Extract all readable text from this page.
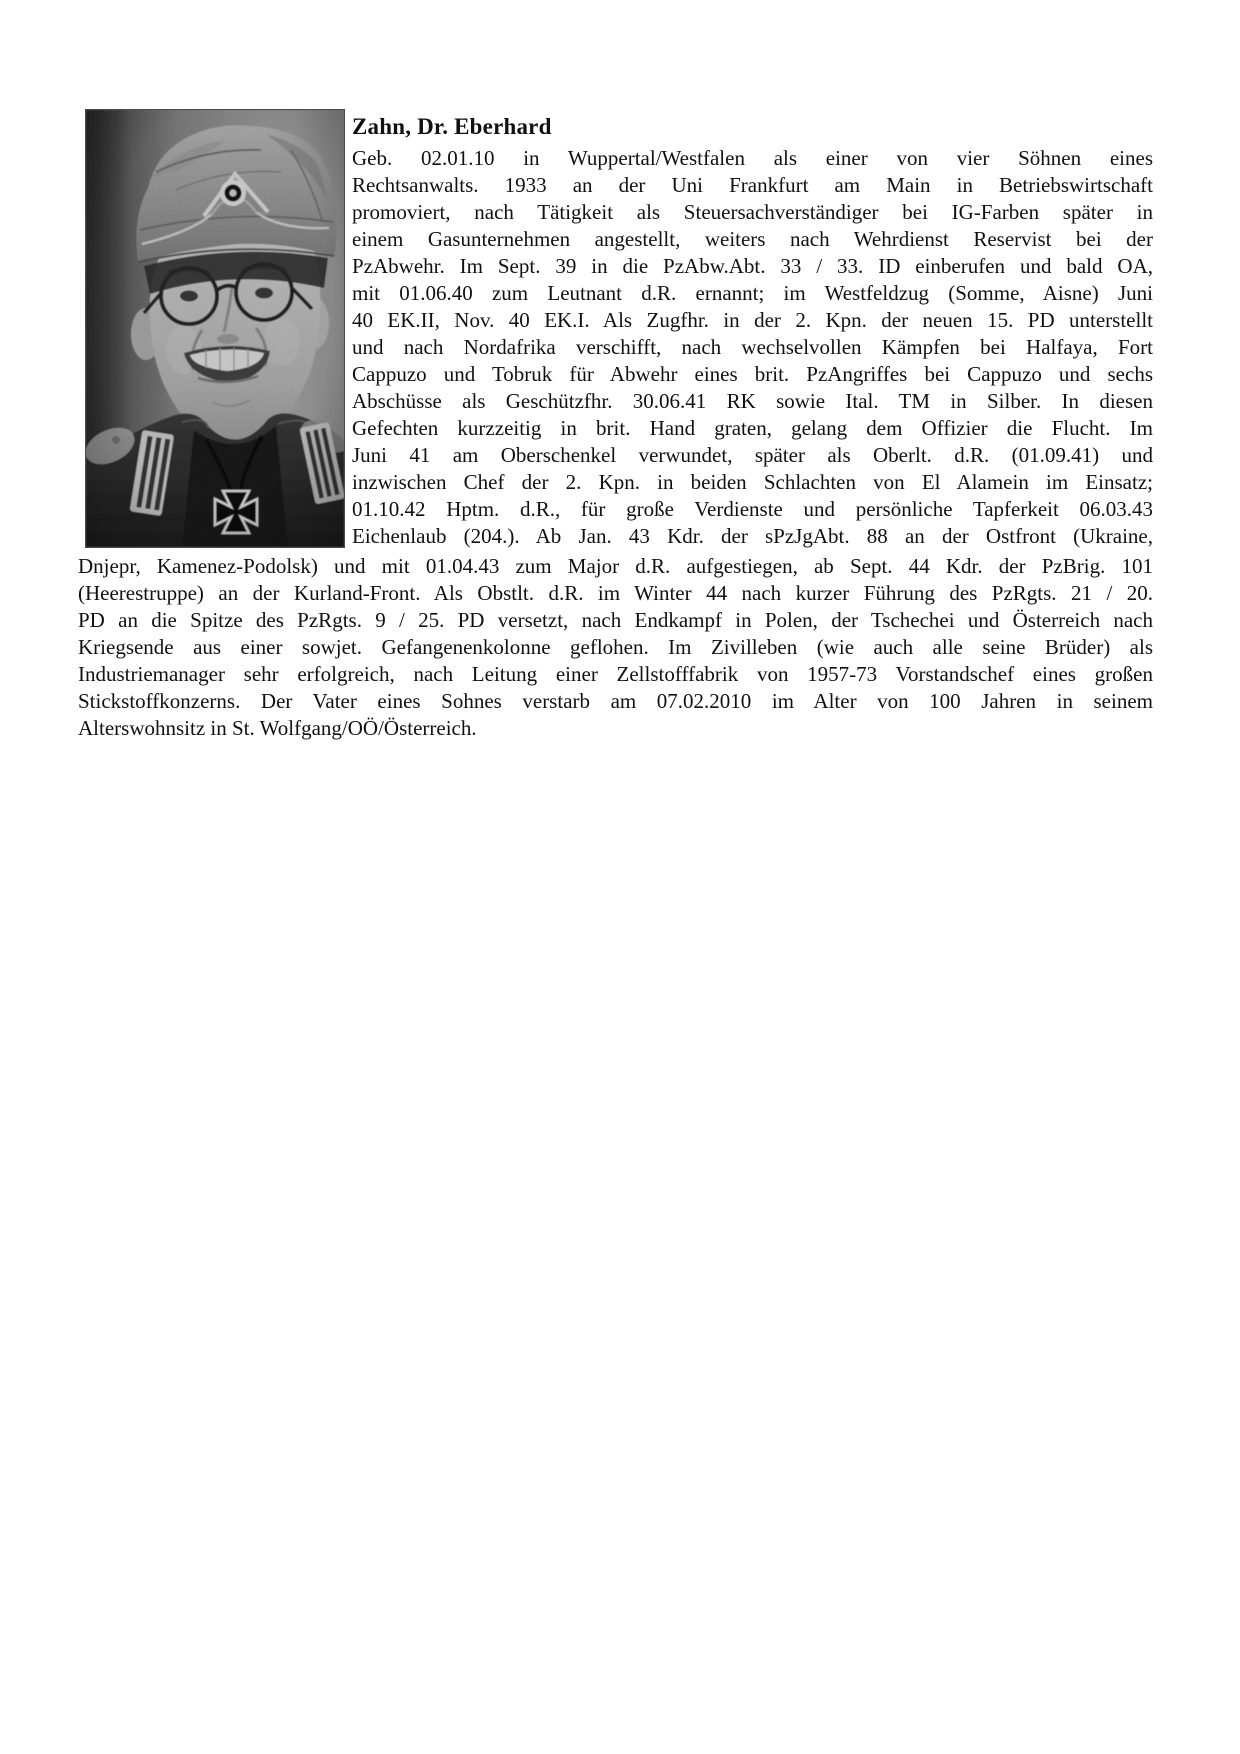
Zahn, Dr. Eberhard
Geb. 02.01.10 in Wuppertal/Westfalen als einer von vier Söhnen eines
Rechtsanwalts. 1933 an der Uni Frankfurt am Main in Betriebswirtschaft
promoviert, nach Tätigkeit als Steuersachverständiger bei IG-Farben später in
einem Gasunternehmen angestellt, weiters nach Wehrdienst Reservist bei der
PzAbwehr. Im Sept. 39 in die PzAbw.Abt. 33 / 33. ID einberufen und bald OA,
mit 01.06.40 zum Leutnant d.R. ernannt; im Westfeldzug (Somme, Aisne) Juni
40 EK.II, Nov. 40 EK.I. Als Zugfhr. in der 2. Kpn. der neuen 15. PD unterstellt
und nach Nordafrika verschifft, nach wechselvollen Kämpfen bei Halfaya, Fort
Cappuzo und Tobruk für Abwehr eines brit. PzAngriffes bei Cappuzo und sechs
Abschüsse als Geschützfhr. 30.06.41 RK sowie Ital. TM in Silber. In diesen
Gefechten kurzzeitig in brit. Hand graten, gelang dem Offizier die Flucht. Im
Juni 41 am Oberschenkel verwundet, später als Oberlt. d.R. (01.09.41) und
inzwischen Chef der 2. Kpn. in beiden Schlachten von El Alamein im Einsatz;
01.10.42 Hptm. d.R., für große Verdienste und persönliche Tapferkeit 06.03.43
Eichenlaub (204.). Ab Jan. 43 Kdr. der sPzJgAbt. 88 an der Ostfront (Ukraine,
Dnjepr, Kamenez-Podolsk) und mit 01.04.43 zum Major d.R. aufgestiegen, ab Sept. 44 Kdr. der PzBrig. 101
(Heerestruppe) an der Kurland-Front. Als Obstlt. d.R. im Winter 44 nach kurzer Führung des PzRgts. 21 / 20.
PD an die Spitze des PzRgts. 9 / 25. PD versetzt, nach Endkampf in Polen, der Tschechei und Österreich nach
Kriegsende aus einer sowjet. Gefangenenkolonne geflohen. Im Zivilleben (wie auch alle seine Brüder) als
Industriemanager sehr erfolgreich, nach Leitung einer Zellstofffabrik von 1957-73 Vorstandschef eines großen
Stickstoffkonzerns. Der Vater eines Sohnes verstarb am 07.02.2010 im Alter von 100 Jahren in seinem
Alterswohnsitz in St. Wolfgang/OÖ/Österreich.
